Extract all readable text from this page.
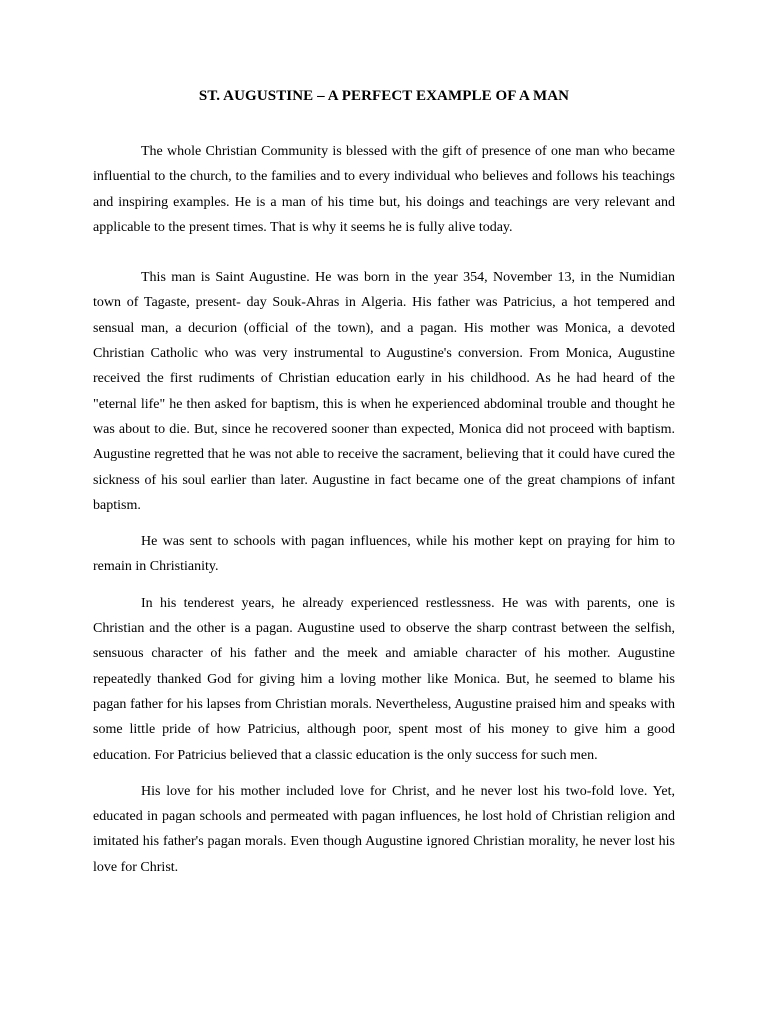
ST. AUGUSTINE – A PERFECT EXAMPLE OF A MAN

The whole Christian Community is blessed with the gift of presence of one man who became influential to the church, to the families and to every individual who believes and follows his teachings and inspiring examples. He is a man of his time but, his doings and teachings are very relevant and applicable to the present times. That is why it seems he is fully alive today.

This man is Saint Augustine. He was born in the year 354, November 13, in the Numidian town of Tagaste, present- day Souk-Ahras in Algeria. His father was Patricius, a hot tempered and sensual man, a decurion (official of the town), and a pagan. His mother was Monica, a devoted Christian Catholic who was very instrumental to Augustine's conversion. From Monica, Augustine received the first rudiments of Christian education early in his childhood. As he had heard of the "eternal life" he then asked for baptism, this is when he experienced abdominal trouble and thought he was about to die. But, since he recovered sooner than expected, Monica did not proceed with baptism. Augustine regretted that he was not able to receive the sacrament, believing that it could have cured the sickness of his soul earlier than later. Augustine in fact became one of the great champions of infant baptism.

He was sent to schools with pagan influences, while his mother kept on praying for him to remain in Christianity.

In his tenderest years, he already experienced restlessness. He was with parents, one is Christian and the other is a pagan. Augustine used to observe the sharp contrast between the selfish, sensuous character of his father and the meek and amiable character of his mother. Augustine repeatedly thanked God for giving him a loving mother like Monica. But, he seemed to blame his pagan father for his lapses from Christian morals. Nevertheless, Augustine praised him and speaks with some little pride of how Patricius, although poor, spent most of his money to give him a good education. For Patricius believed that a classic education is the only success for such men.

His love for his mother included love for Christ, and he never lost his two-fold love. Yet, educated in pagan schools and permeated with pagan influences, he lost hold of Christian religion and imitated his father's pagan morals. Even though Augustine ignored Christian morality, he never lost his love for Christ.
